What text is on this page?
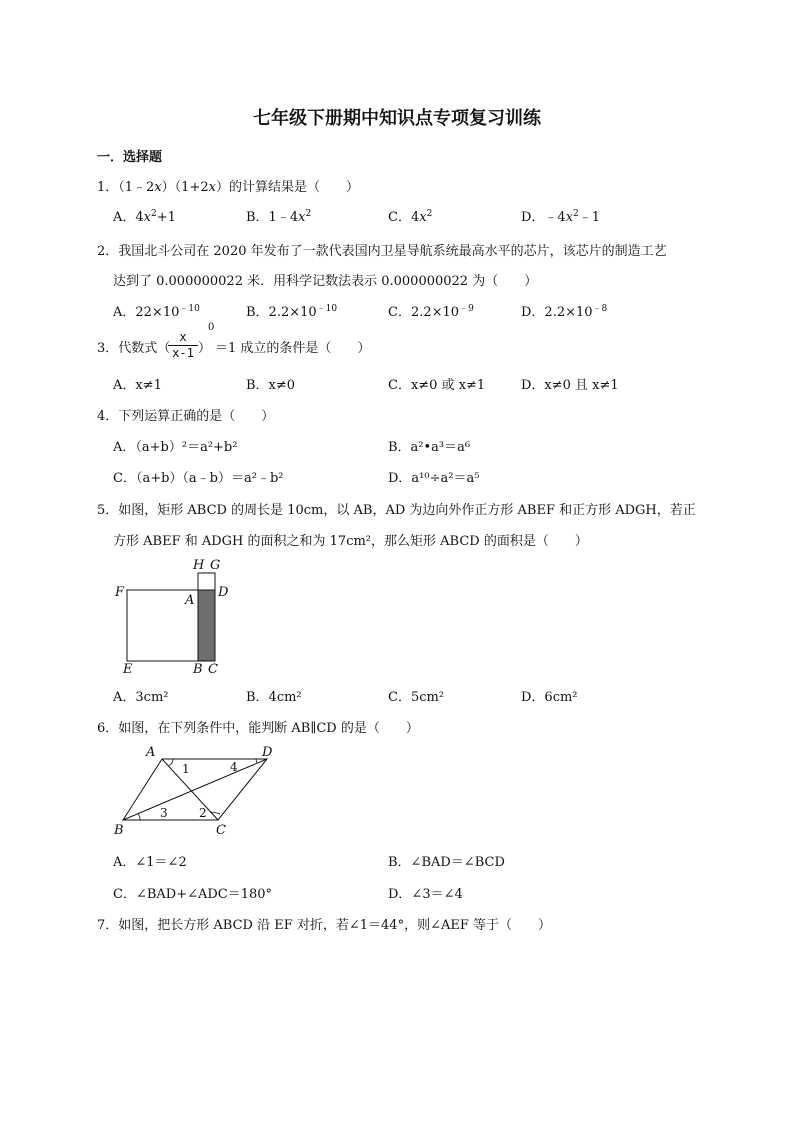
七年级下册期中知识点专项复习训练
一．选择题
1．（1﹣2x）（1+2x）的计算结果是（　　）
A．$4x^2+1$	B．$1﹣4x^2$	C．$4x^2$	D．$﹣4x^2﹣1$
2．我国北斗公司在 2020 年发布了一款代表国内卫星导航系统最高水平的芯片，该芯片的制造工艺
达到了 0.000000022 米．用科学记数法表示 0.000000022 为（　　）
A．$22\times 10^{﹣10}$	B．$2.2\times 10^{﹣10}$	C．$2.2\times 10^{﹣9}$	D．$2.2\times 10^{﹣8}$
3．代数式（
x
x-1 ）
0
＝1 成立的条件是（　　）
A．x≠1	B．x≠0	C．x≠0 或 x≠1	D．x≠0 且 x≠1
4．下列运算正确的是（　　）
A．（a+b）²＝a²+b²	B．a²•a³＝a⁶
C．（a+b）（a﹣b）＝a²﹣b²	D．a¹⁰÷a²＝a⁵
5．如图，矩形 ABCD 的周长是 10cm，以 AB，AD 为边向外作正方形 ABEF 和正方形 ADGH，若正
方形 ABEF 和 ADGH 的面积之和为 17cm²，那么矩形 ABCD 的面积是（　　）
H G
F
A
D
E	B C
A．3cm²	B．4cm²	C．5cm²	D．6cm²
6．如图，在下列条件中，能判断 AB∥CD 的是（　　）
A	D
B	C
1	4
3	2
A．∠1＝∠2	B．∠BAD＝∠BCD
C．∠BAD+∠ADC＝180°	D．∠3＝∠4
7．如图，把长方形 ABCD 沿 EF 对折，若∠1＝44°，则∠AEF 等于（　　）
